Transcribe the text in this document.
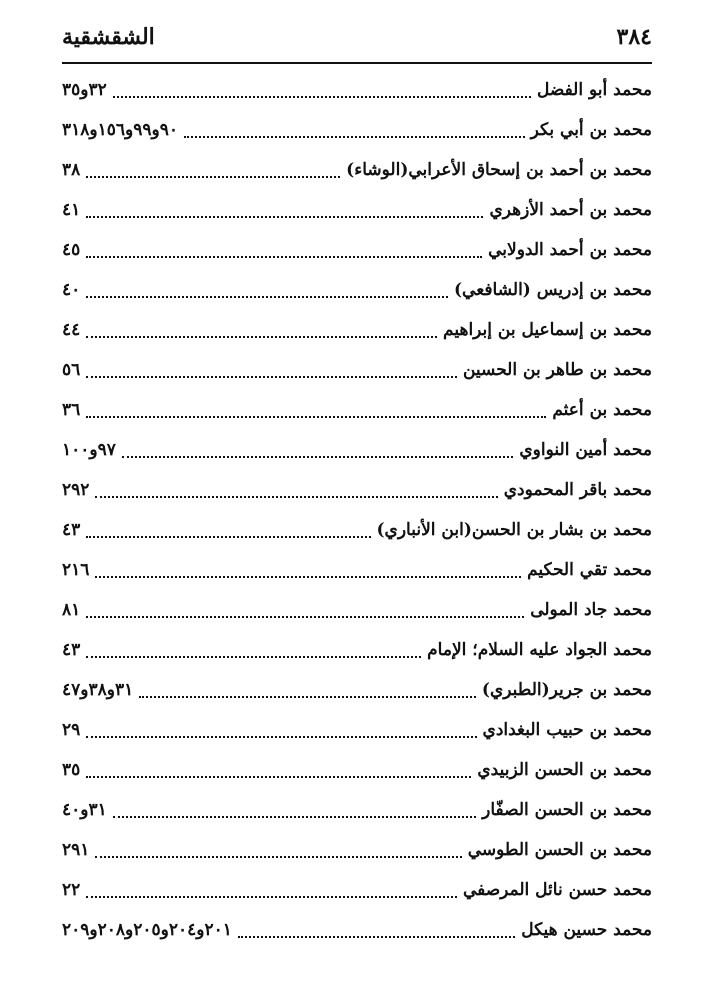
٣٨٤
الشقشقية
محمد أبو الفضل
٣٢و٣٥
محمد بن أبي بكر
٩٠و٩٩و١٥٦و٣١٨
محمد بن أحمد بن إسحاق الأعرابي(الوشاء)
٣٨
محمد بن أحمد الأزهري
٤١
محمد بن أحمد الدولابي
٤٥
محمد بن إدريس (الشافعي)
٤٠
محمد بن إسماعيل بن إبراهيم
٤٤
محمد بن طاهر بن الحسين
٥٦
محمد بن أعثم
٣٦
محمد أمين النواوي
٩٧و١٠٠
محمد باقر المحمودي
٢٩٢
محمد بن بشار بن الحسن(ابن الأنباري)
٤٣
محمد تقي الحكيم
٢١٦
محمد جاد المولى
٨١
محمد الجواد عليه السلام؛ الإمام
٤٣
محمد بن جرير(الطبري)
٣١و٣٨و٤٧
محمد بن حبيب البغدادي
٢٩
محمد بن الحسن الزبيدي
٣٥
محمد بن الحسن الصفّار
٣١و٤٠
محمد بن الحسن الطوسي
٢٩١
محمد حسن نائل المرصفي
٢٢
محمد حسين هيكل
٢٠١و٢٠٤و٢٠٥و٢٠٨و٢٠٩
